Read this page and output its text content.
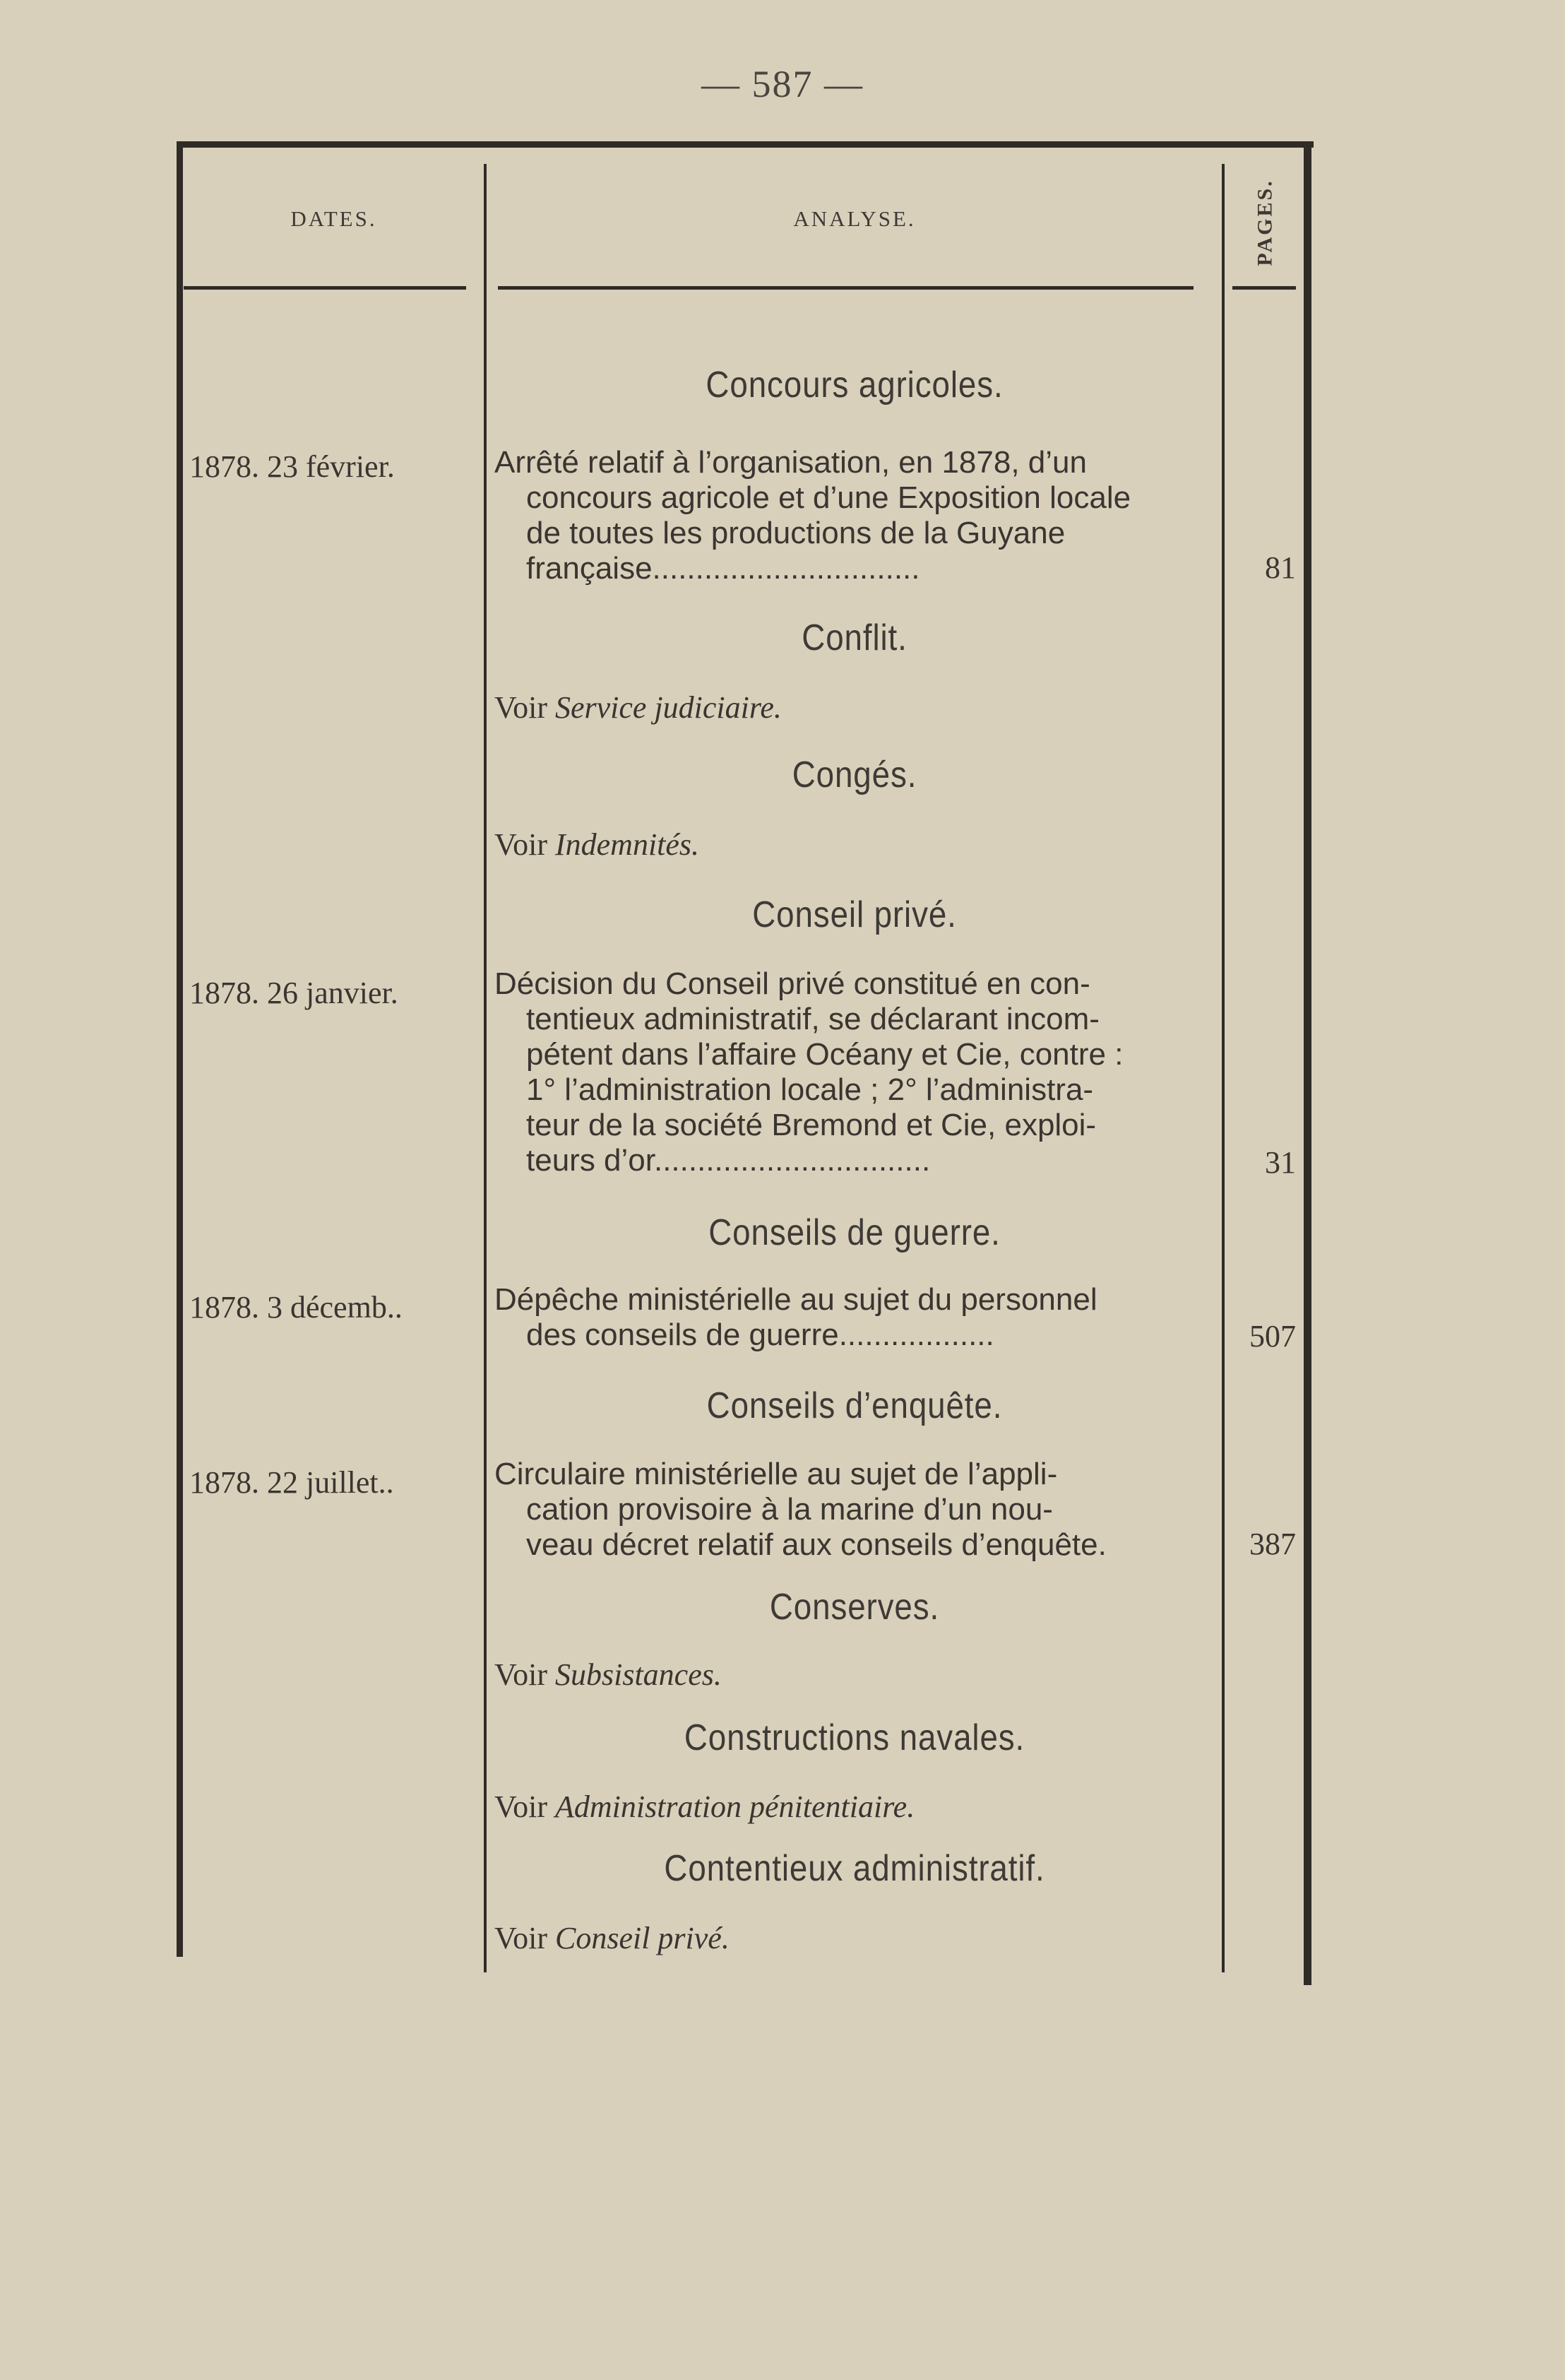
— 587 —
DATES.	ANALYSE.	PAGES.
Concours agricoles.
1878. 23 février.	Arrêté relatif à l’organisation, en 1878, d’un
concours agricole et d’une Exposition locale
de toutes les productions de la Guyane
française...............................	81
Conflit.
Voir Service judiciaire.
Congés.
Voir Indemnités.
Conseil privé.
1878. 26 janvier.	Décision du Conseil privé constitué en con-
tentieux administratif, se déclarant incom-
pétent dans l’affaire Océany et Cie, contre :
1° l’administration locale ; 2° l’administra-
teur de la société Bremond et Cie, exploi-
teurs d’or................................	31
Conseils de guerre.
1878. 3 décemb..	Dépêche ministérielle au sujet du personnel
des conseils de guerre..................	507
Conseils d’enquête.
1878. 22 juillet..	Circulaire ministérielle au sujet de l’appli-
cation provisoire à la marine d’un nou-
veau décret relatif aux conseils d’enquête.	387
Conserves.
Voir Subsistances.
Constructions navales.
Voir Administration pénitentiaire.
Contentieux administratif.
Voir Conseil privé.
